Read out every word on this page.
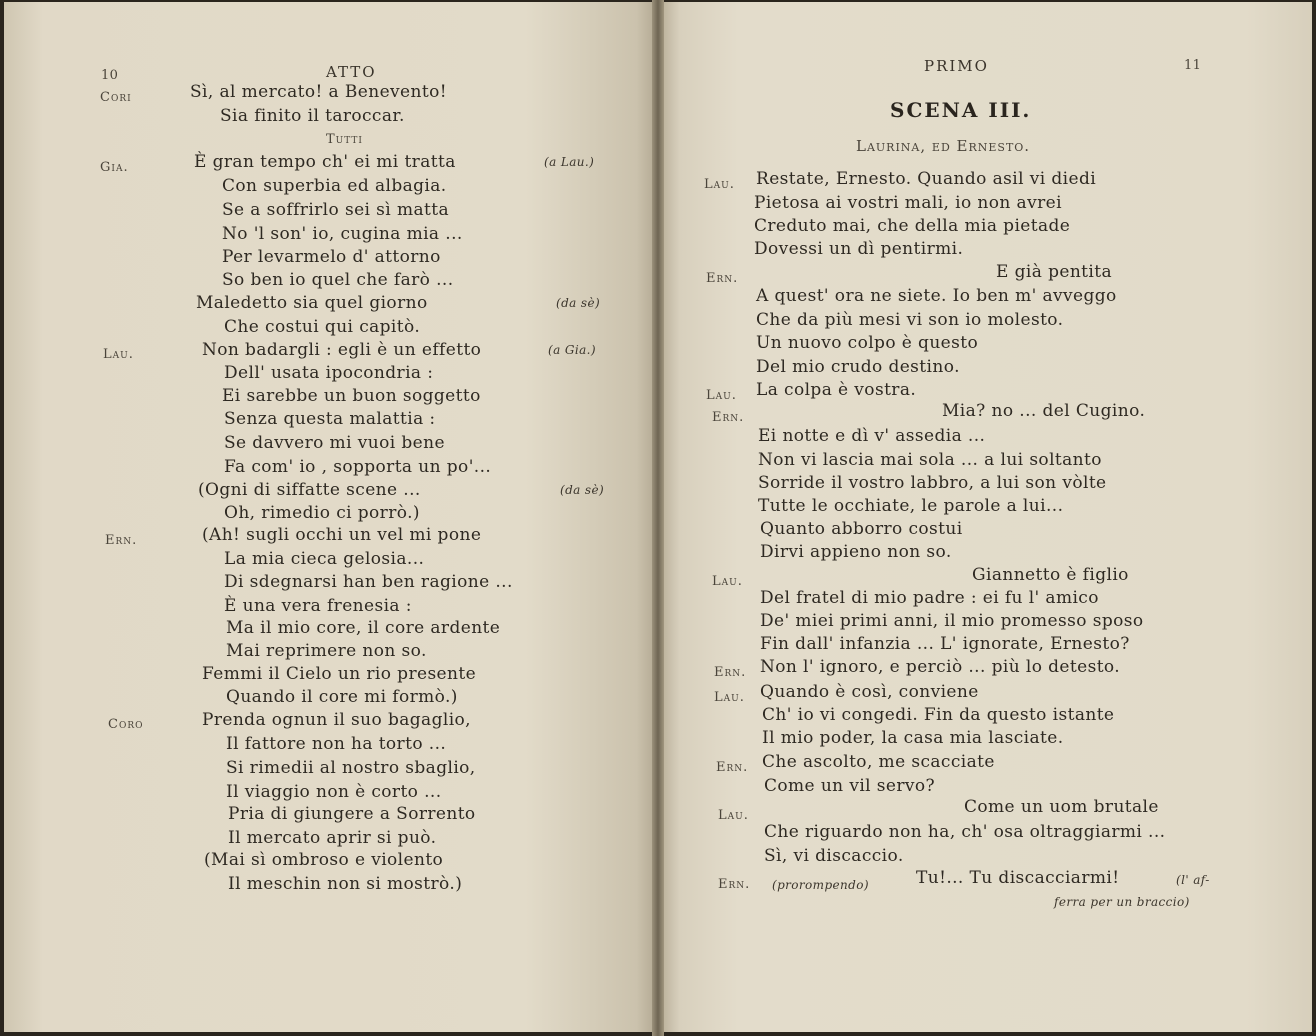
10	ATTO
Cori	Sì, al mercato! a Benevento!
Sia finito il taroccar.
Tutti
Gia.	È gran tempo ch' ei mi tratta	(a Lau.)
Con superbia ed albagia.
Se a soffrirlo sei sì matta
No 'l son' io, cugina mia ...
Per levarmelo d' attorno
So ben io quel che farò ...
Maledetto sia quel giorno	(da sè)
Che costui qui capitò.
Lau.	Non badargli : egli è un effetto	(a Gia.)
Dell' usata ipocondria :
Ei sarebbe un buon soggetto
Senza questa malattia :
Se davvero mi vuoi bene
Fa com' io , sopporta un po'...
(Ogni di siffatte scene ...	(da sè)
Oh, rimedio ci porrò.)
Ern.	(Ah! sugli occhi un vel mi pone
La mia cieca gelosia...
Di sdegnarsi han ben ragione ...
È una vera frenesia :
Ma il mio core, il core ardente
Mai reprimere non so.
Femmi il Cielo un rio presente
Quando il core mi formò.)
Coro	Prenda ognun il suo bagaglio,
Il fattore non ha torto ...
Si rimedii al nostro sbaglio,
Il viaggio non è corto ...
Pria di giungere a Sorrento
Il mercato aprir si può.
(Mai sì ombroso e violento
Il meschin non si mostrò.)
PRIMO	11
SCENA III.
Laurina, ed Ernesto.
Lau. Restate, Ernesto. Quando asil vi diedi
Pietosa ai vostri mali, io non avrei
Creduto mai, che della mia pietade
Dovessi un dì pentirmi.
Ern.	E già pentita
A quest' ora ne siete. Io ben m' avveggo
Che da più mesi vi son io molesto.
Un nuovo colpo è questo
Del mio crudo destino.
Lau. La colpa è vostra.
Ern.	Mia? no ... del Cugino.
Ei notte e dì v' assedia ...
Non vi lascia mai sola ... a lui soltanto
Sorride il vostro labbro, a lui son vòlte
Tutte le occhiate, le parole a lui...
Quanto abborro costui
Dirvi appieno non so.
Lau.	Giannetto è figlio
Del fratel di mio padre : ei fu l' amico
De' miei primi anni, il mio promesso sposo
Fin dall' infanzia ... L' ignorate, Ernesto?
Ern. Non l' ignoro, e perciò ... più lo detesto.
Lau. Quando è così, conviene
Ch' io vi congedi. Fin da questo istante
Il mio poder, la casa mia lasciate.
Ern. Che ascolto, me scacciate
Come un vil servo?
Lau.	Come un uom brutale
Che riguardo non ha, ch' osa oltraggiarmi ...
Sì, vi discaccio.
Ern. (prorompendo)	Tu!... Tu discacciarmi!	(l' af-
ferra per un braccio)
